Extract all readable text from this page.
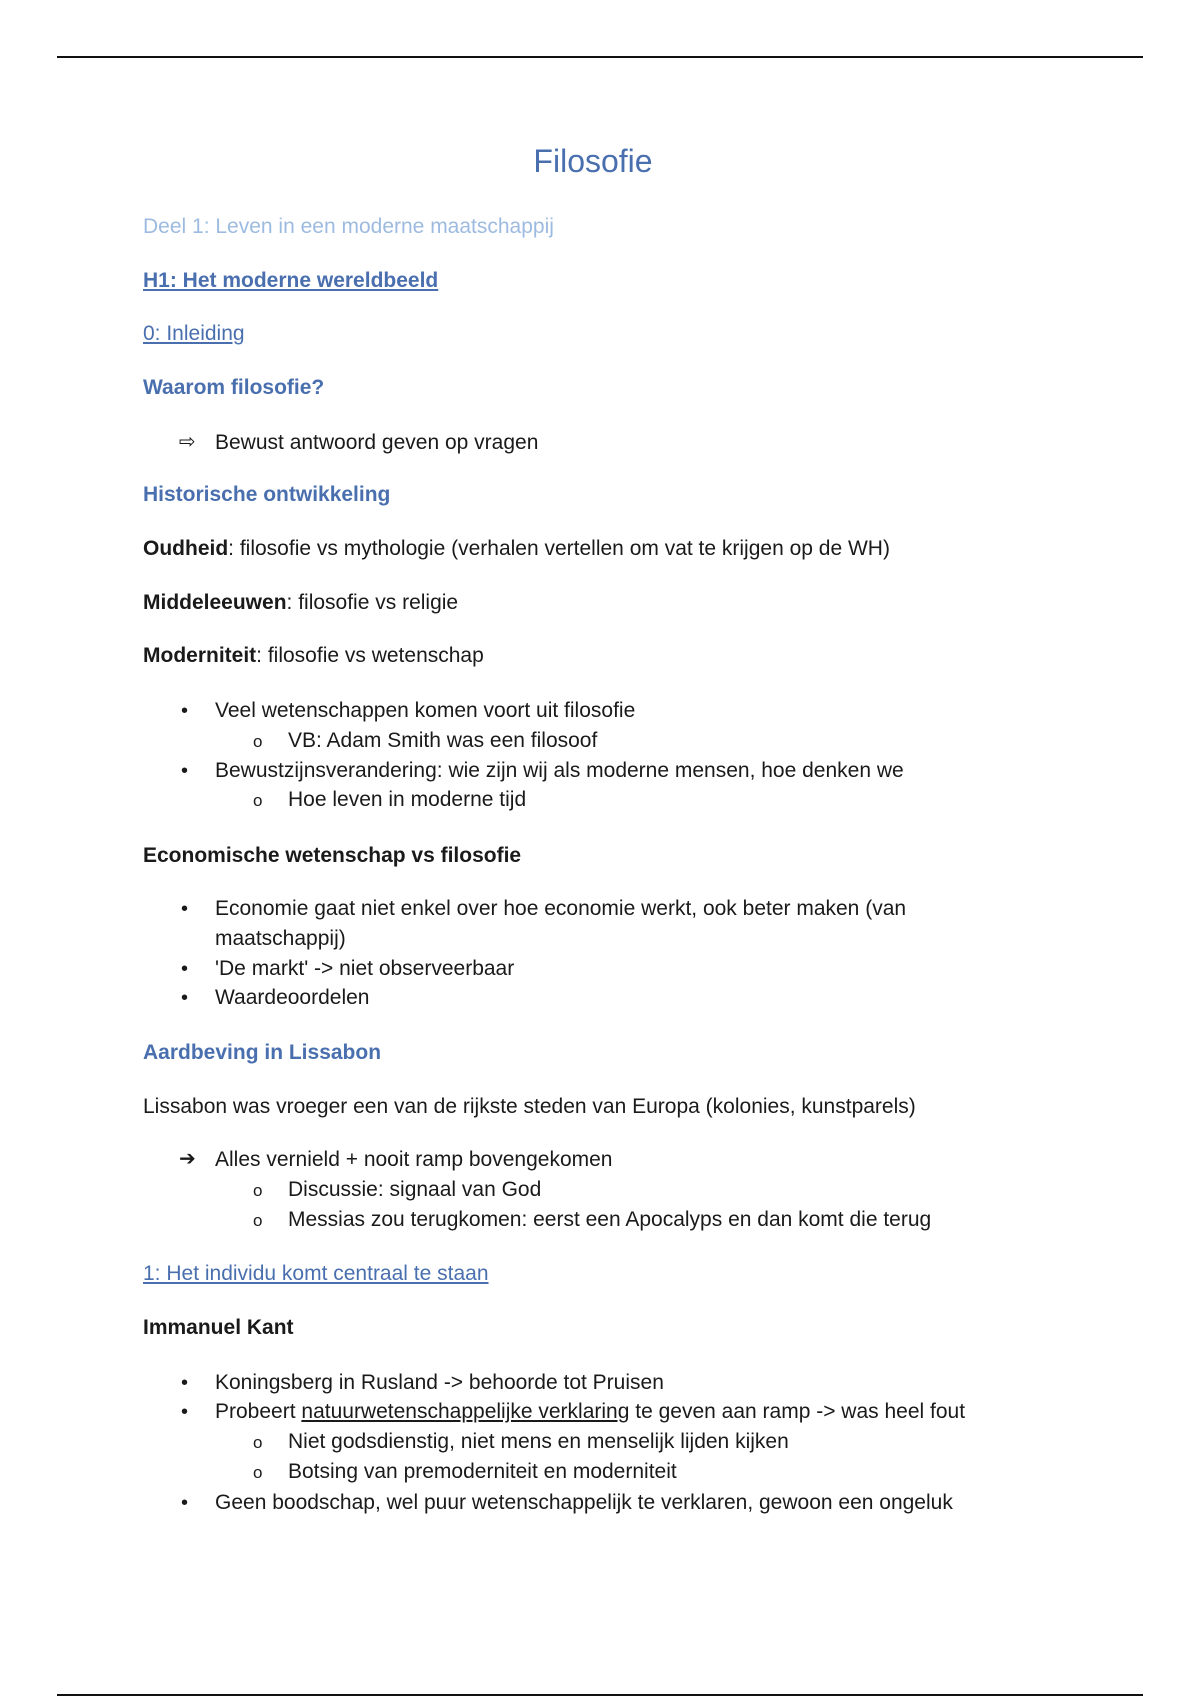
Filosofie
Deel 1: Leven in een moderne maatschappij
H1: Het moderne wereldbeeld
0: Inleiding
Waarom filosofie?
⇨ Bewust antwoord geven op vragen
Historische ontwikkeling
Oudheid: filosofie vs mythologie (verhalen vertellen om vat te krijgen op de WH)
Middeleeuwen: filosofie vs religie
Moderniteit: filosofie vs wetenschap
• Veel wetenschappen komen voort uit filosofie
o VB: Adam Smith was een filosoof
• Bewustzijnsverandering: wie zijn wij als moderne mensen, hoe denken we
o Hoe leven in moderne tijd
Economische wetenschap vs filosofie
• Economie gaat niet enkel over hoe economie werkt, ook beter maken (van
maatschappij)
• 'De markt' -> niet observeerbaar
• Waardeoordelen
Aardbeving in Lissabon
Lissabon was vroeger een van de rijkste steden van Europa (kolonies, kunstparels)
➔ Alles vernield + nooit ramp bovengekomen
o Discussie: signaal van God
o Messias zou terugkomen: eerst een Apocalyps en dan komt die terug
1: Het individu komt centraal te staan
Immanuel Kant
• Koningsberg in Rusland -> behoorde tot Pruisen
• Probeert natuurwetenschappelijke verklaring te geven aan ramp -> was heel fout
o Niet godsdienstig, niet mens en menselijk lijden kijken
o Botsing van premoderniteit en moderniteit
• Geen boodschap, wel puur wetenschappelijk te verklaren, gewoon een ongeluk
